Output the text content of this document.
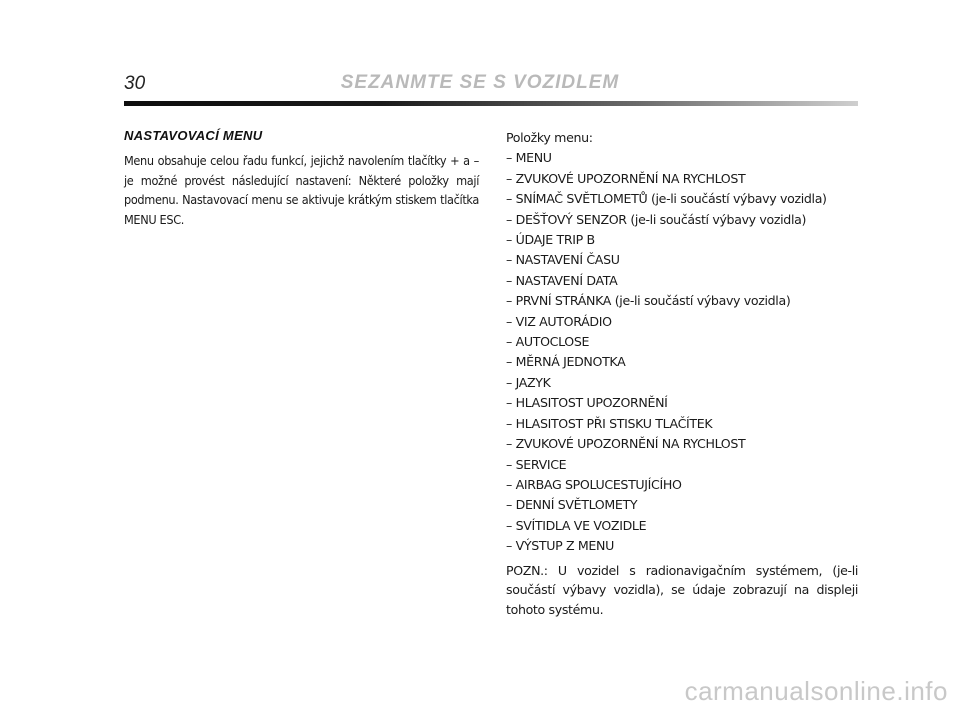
30	SEZANMTE SE S VOZIDLEM
NASTAVOVACÍ MENU

Menu obsahuje celou řadu funkcí, jejichž navolením tlačítky + a – je možné provést následující nastavení: Některé položky mají podmenu. Nastavovací menu se aktivuje krátkým stiskem tlačítka MENU ESC.

Položky menu:

– MENU
– ZVUKOVÉ UPOZORNĚNÍ NA RYCHLOST
– SNÍMAČ SVĚTLOMETŮ (je-li součástí výbavy vozidla)
– DEŠŤOVÝ SENZOR (je-li součástí výbavy vozidla)
– ÚDAJE TRIP B
– NASTAVENÍ ČASU
– NASTAVENÍ DATA
– PRVNÍ STRÁNKA (je-li součástí výbavy vozidla)
– VIZ AUTORÁDIO
– AUTOCLOSE
– MĚRNÁ JEDNOTKA
– JAZYK
– HLASITOST UPOZORNĚNÍ
– HLASITOST PŘI STISKU TLAČÍTEK
– ZVUKOVÉ UPOZORNĚNÍ NA RYCHLOST
– SERVICE
– AIRBAG SPOLUCESTUJÍCÍHO
– DENNÍ SVĚTLOMETY
– SVÍTIDLA VE VOZIDLE
– VÝSTUP Z MENU

POZN.: U vozidel s radionavigačním systémem, (je-li součástí výbavy vozidla), se údaje zobrazují na displeji tohoto systému.

carmanualsonline.info
